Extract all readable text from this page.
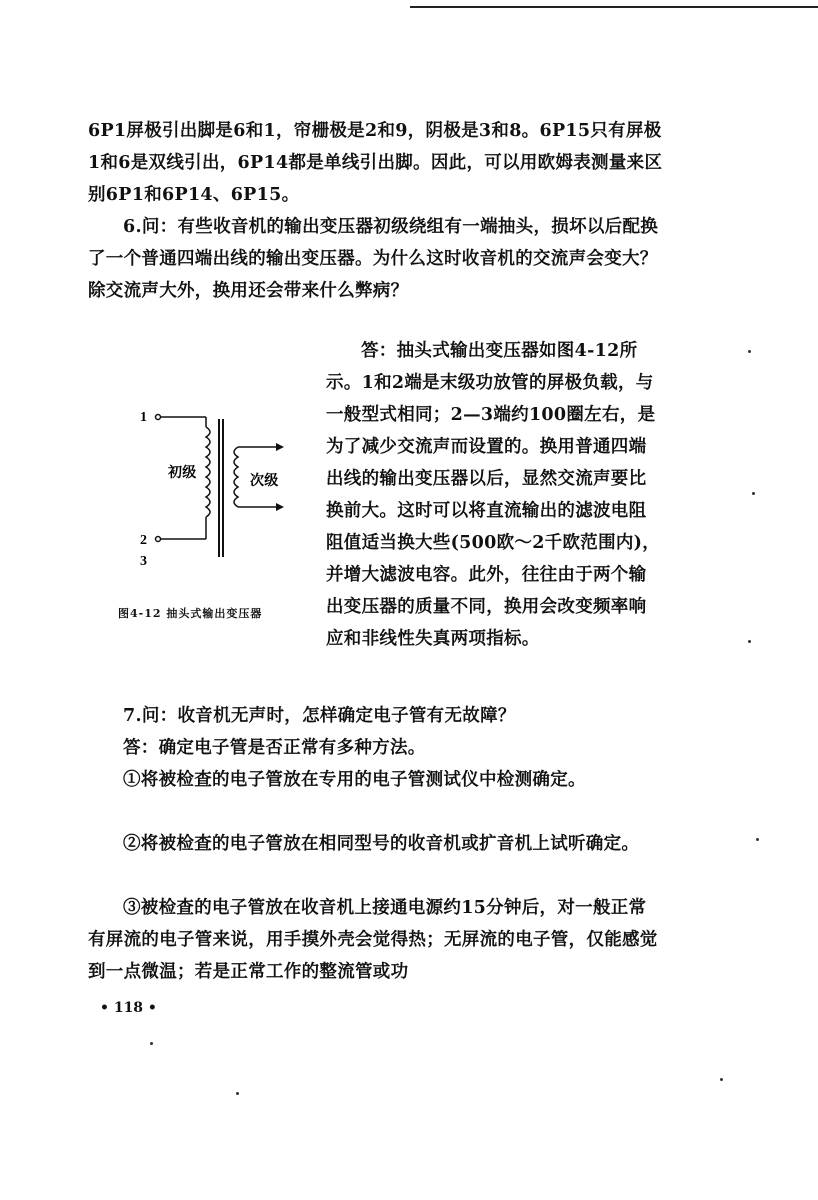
6P1屏极引出脚是6和1，帘栅极是2和9，阴极是3和8。6P15只有屏极1和6是双线引出，6P14都是单线引出脚。因此，可以用欧姆表测量来区别6P1和6P14、6P15。

6.问：有些收音机的输出变压器初级绕组有一端抽头，损坏以后配换了一个普通四端出线的输出变压器。为什么这时收音机的交流声会变大？除交流声大外，换用还会带来什么弊病？

1
2
3
初级	次级
图4-12 抽头式输出变压器

答：抽头式输出变压器如图4-12所示。1和2端是末级功放管的屏极负载，与一般型式相同；2—3端约100圈左右，是为了减少交流声而设置的。换用普通四端出线的输出变压器以后，显然交流声要比换前大。这时可以将直流输出的滤波电阻阻值适当换大些(500欧～2千欧范围内)，并增大滤波电容。此外，往往由于两个输出变压器的质量不同，换用会改变频率响应和非线性失真两项指标。

7.问：收音机无声时，怎样确定电子管有无故障？

答：确定电子管是否正常有多种方法。

①将被检查的电子管放在专用的电子管测试仪中检测确定。

②将被检查的电子管放在相同型号的收音机或扩音机上试听确定。

③被检查的电子管放在收音机上接通电源约15分钟后，对一般正常有屏流的电子管来说，用手摸外壳会觉得热；无屏流的电子管，仅能感觉到一点微温；若是正常工作的整流管或功

• 118 •
